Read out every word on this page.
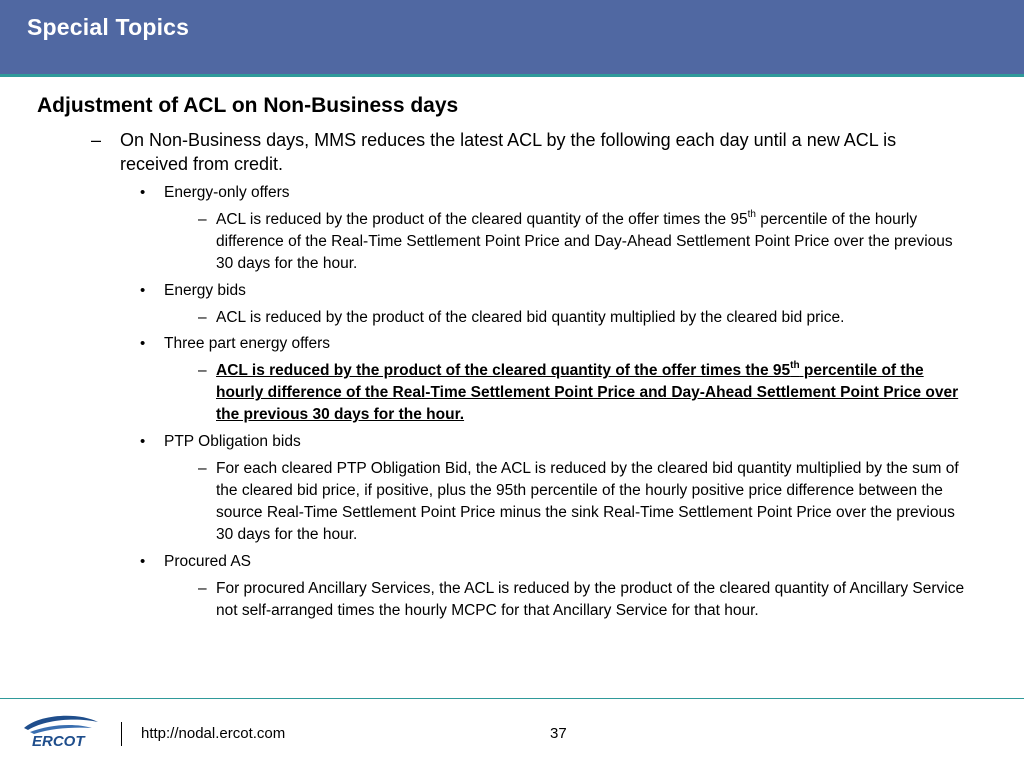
Special Topics
Adjustment of ACL on Non-Business days
– On Non-Business days, MMS reduces the latest ACL by the following each day until a new ACL is received from credit.
• Energy-only offers
– ACL is reduced by the product of the cleared quantity of the offer times the 95th percentile of the hourly difference of the Real-Time Settlement Point Price and Day-Ahead Settlement Point Price over the previous 30 days for the hour.
• Energy bids
– ACL is reduced by the product of the cleared bid quantity multiplied by the cleared bid price.
• Three part energy offers
– ACL is reduced by the product of the cleared quantity of the offer times the 95th percentile of the hourly difference of the Real-Time Settlement Point Price and Day-Ahead Settlement Point Price over the previous 30 days for the hour.
• PTP Obligation bids
– For each cleared PTP Obligation Bid, the ACL is reduced by the cleared bid quantity multiplied by the sum of the cleared bid price, if positive, plus the 95th percentile of the hourly positive price difference between the source Real-Time Settlement Point Price minus the sink Real-Time Settlement Point Price over the previous 30 days for the hour.
• Procured AS
– For procured Ancillary Services, the ACL is reduced by the product of the cleared quantity of Ancillary Service not self-arranged times the hourly MCPC for that Ancillary Service for that hour.
ERCOT	http://nodal.ercot.com	37
